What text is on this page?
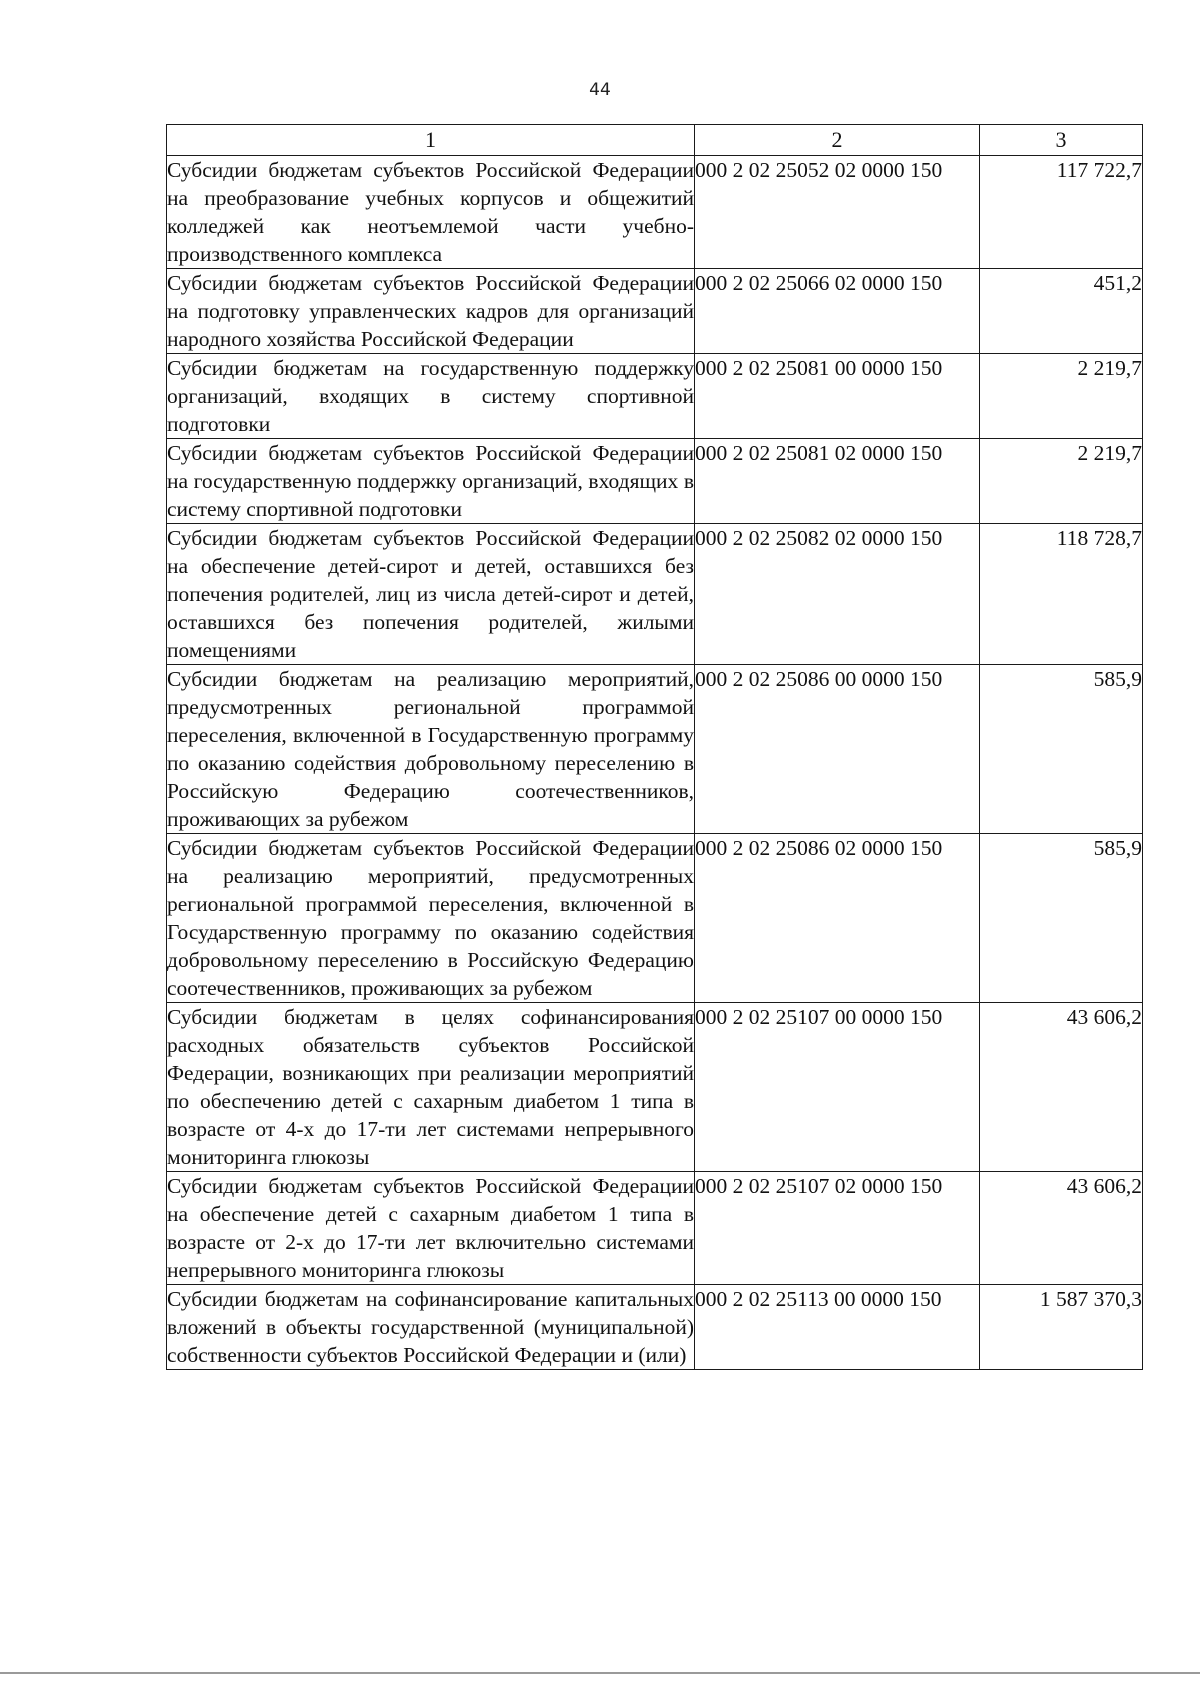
44
1	2	3
Субсидии бюджетам субъектов Российской Федерации на преобразование учебных корпусов и общежитий колледжей как неотъемлемой части учебно-производственного комплекса	000 2 02 25052 02 0000 150	117 722,7
Субсидии бюджетам субъектов Российской Федерации на подготовку управленческих кадров для организаций народного хозяйства Российской Федерации	000 2 02 25066 02 0000 150	451,2
Субсидии бюджетам на государственную поддержку организаций, входящих в систему спортивной подготовки	000 2 02 25081 00 0000 150	2 219,7
Субсидии бюджетам субъектов Российской Федерации на государственную поддержку организаций, входящих в систему спортивной подготовки	000 2 02 25081 02 0000 150	2 219,7
Субсидии бюджетам субъектов Российской Федерации на обеспечение детей-сирот и детей, оставшихся без попечения родителей, лиц из числа детей-сирот и детей, оставшихся без попечения родителей, жилыми помещениями	000 2 02 25082 02 0000 150	118 728,7
Субсидии бюджетам на реализацию мероприятий, предусмотренных региональной программой переселения, включенной в Государственную программу по оказанию содействия добровольному переселению в Российскую Федерацию соотечественников, проживающих за рубежом	000 2 02 25086 00 0000 150	585,9
Субсидии бюджетам субъектов Российской Федерации на реализацию мероприятий, предусмотренных региональной программой переселения, включенной в Государственную программу по оказанию содействия добровольному переселению в Российскую Федерацию соотечественников, проживающих за рубежом	000 2 02 25086 02 0000 150	585,9
Субсидии бюджетам в целях софинансирования расходных обязательств субъектов Российской Федерации, возникающих при реализации мероприятий по обеспечению детей с сахарным диабетом 1 типа в возрасте от 4-х до 17-ти лет системами непрерывного мониторинга глюкозы	000 2 02 25107 00 0000 150	43 606,2
Субсидии бюджетам субъектов Российской Федерации на обеспечение детей с сахарным диабетом 1 типа в возрасте от 2-х до 17-ти лет включительно системами непрерывного мониторинга глюкозы	000 2 02 25107 02 0000 150	43 606,2
Субсидии бюджетам на софинансирование капитальных вложений в объекты государственной (муниципальной) собственности субъектов Российской Федерации и (или)	000 2 02 25113 00 0000 150	1 587 370,3
